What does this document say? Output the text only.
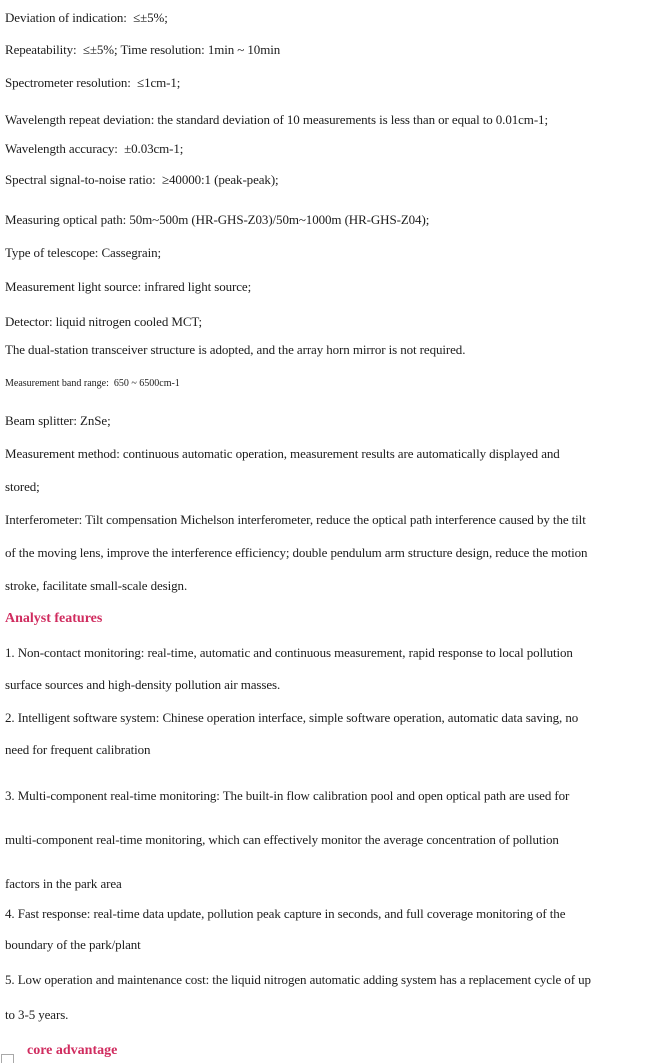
Deviation of indication:  ≤±5%;
Repeatability:  ≤±5%; Time resolution: 1min ~ 10min
Spectrometer resolution:  ≤1cm-1;
Wavelength repeat deviation: the standard deviation of 10 measurements is less than or equal to 0.01cm-1;
Wavelength accuracy:  ±0.03cm-1;
Spectral signal-to-noise ratio:  ≥40000:1 (peak-peak);
Measuring optical path: 50m~500m (HR-GHS-Z03)/50m~1000m (HR-GHS-Z04);
Type of telescope: Cassegrain;
Measurement light source: infrared light source;
Detector: liquid nitrogen cooled MCT;
The dual-station transceiver structure is adopted, and the array horn mirror is not required.
Measurement band range:  650 ~ 6500cm-1
Beam splitter: ZnSe;
Measurement method: continuous automatic operation, measurement results are automatically displayed and
stored;
Interferometer: Tilt compensation Michelson interferometer, reduce the optical path interference caused by the tilt
of the moving lens, improve the interference efficiency; double pendulum arm structure design, reduce the motion
stroke, facilitate small-scale design.
Analyst features
1. Non-contact monitoring: real-time, automatic and continuous measurement, rapid response to local pollution
surface sources and high-density pollution air masses.
2. Intelligent software system: Chinese operation interface, simple software operation, automatic data saving, no
need for frequent calibration
3. Multi-component real-time monitoring: The built-in flow calibration pool and open optical path are used for
multi-component real-time monitoring, which can effectively monitor the average concentration of pollution
factors in the park area
4. Fast response: real-time data update, pollution peak capture in seconds, and full coverage monitoring of the
boundary of the park/plant
5. Low operation and maintenance cost: the liquid nitrogen automatic adding system has a replacement cycle of up
to 3-5 years.
core advantage
